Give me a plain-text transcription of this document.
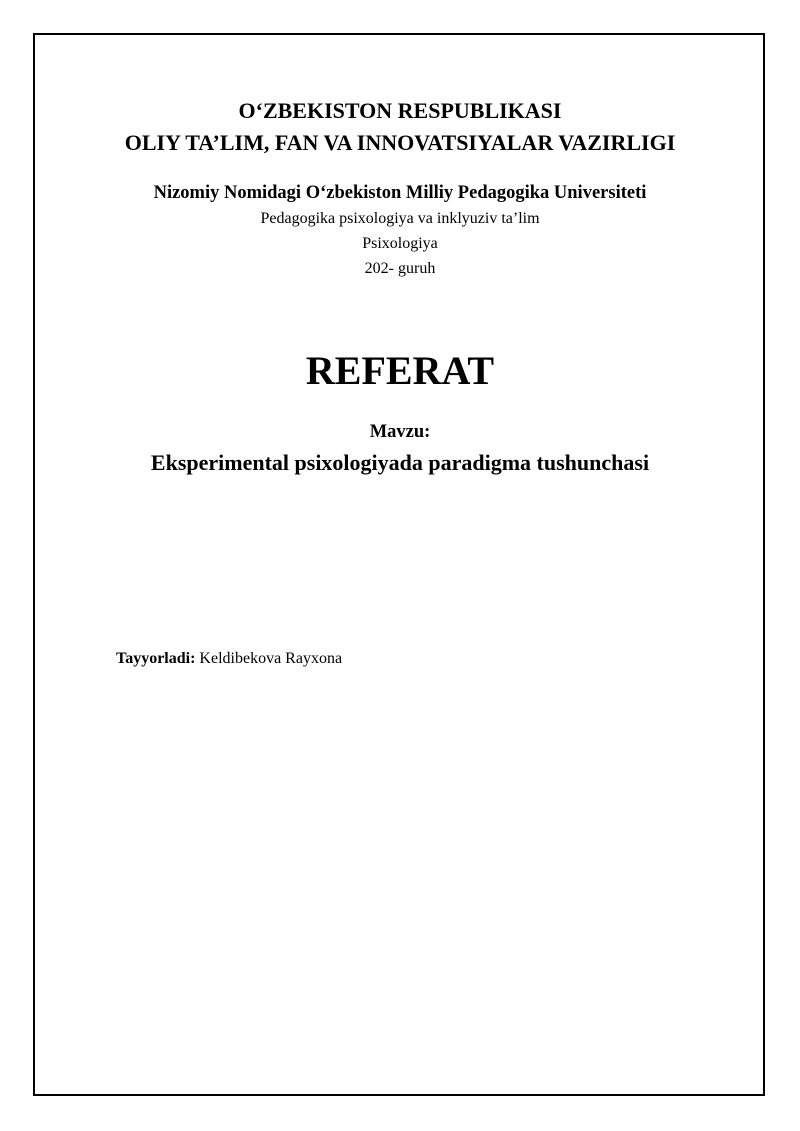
O‘ZBEKISTON RESPUBLIKASI
OLIY TA’LIM, FAN VA INNOVATSIYALAR VAZIRLIGI
Nizomiy Nomidagi O‘zbekiston Milliy Pedagogika Universiteti
Pedagogika psixologiya va inklyuziv ta’lim
Psixologiya
202- guruh
REFERAT
Mavzu:
Eksperimental psixologiyada paradigma tushunchasi
Tayyorladi: Keldibekova Rayxona
